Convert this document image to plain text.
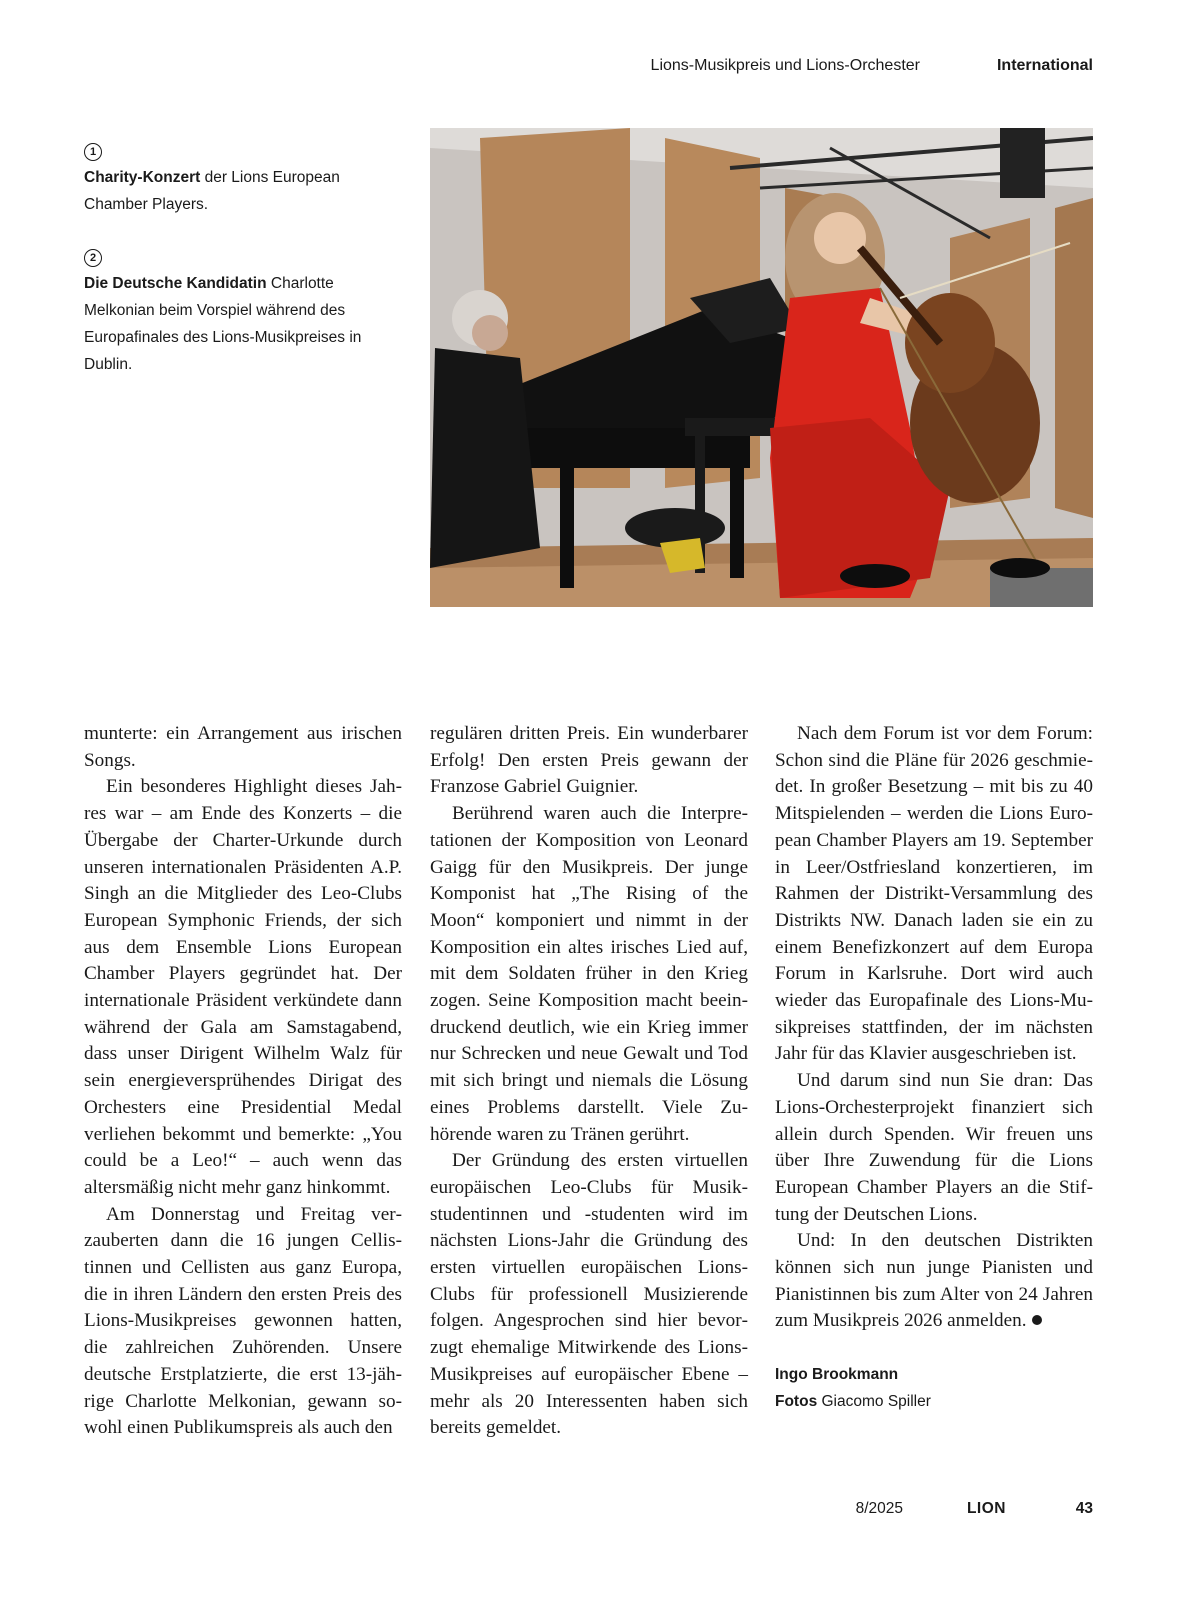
Lions-Musikpreis und Lions-Orchester	International
1
Charity-Konzert der Lions European Chamber Players.
2
Die Deutsche Kandidatin Charlotte Melkonian beim Vorspiel während des Europafinales des Lions-Musikpreises in Dublin.

munterte: ein Arrangement aus irischen Songs.

Ein besonderes Highlight dieses Jahres war – am Ende des Konzerts – die Übergabe der Charter-Urkunde durch unseren internationalen Präsidenten A.P. Singh an die Mitglieder des Leo-Clubs European Symphonic Friends, der sich aus dem Ensemble Lions European Chamber Players gegründet hat. Der internationale Präsident verkündete dann während der Gala am Samstagabend, dass unser Dirigent Wilhelm Walz für sein energieversprühendes Dirigat des Orchesters eine Presidential Medal verliehen bekommt und bemerkte: „You could be a Leo!“ – auch wenn das altersmäßig nicht mehr ganz hinkommt.

Am Donnerstag und Freitag verzauberten dann die 16 jungen Cellistinnen und Cellisten aus ganz Europa, die in ihren Ländern den ersten Preis des Lions-Musikpreises gewonnen hatten, die zahlreichen Zuhörenden. Unsere deutsche Erstplatzierte, die erst 13-jährige Charlotte Melkonian, gewann sowohl einen Publikumspreis als auch den

regulären dritten Preis. Ein wunderbarer Erfolg! Den ersten Preis gewann der Franzose Gabriel Guignier.

Berührend waren auch die Interpretationen der Komposition von Leonard Gaigg für den Musikpreis. Der junge Komponist hat „The Rising of the Moon“ komponiert und nimmt in der Komposition ein altes irisches Lied auf, mit dem Soldaten früher in den Krieg zogen. Seine Komposition macht beeindruckend deutlich, wie ein Krieg immer nur Schrecken und neue Gewalt und Tod mit sich bringt und niemals die Lösung eines Problems darstellt. Viele Zuhörende waren zu Tränen gerührt.

Der Gründung des ersten virtuellen europäischen Leo-Clubs für Musikstudentinnen und -studenten wird im nächsten Lions-Jahr die Gründung des ersten virtuellen europäischen Lions-Clubs für professionell Musizierende folgen. Angesprochen sind hier bevorzugt ehemalige Mitwirkende des Lions-Musikpreises auf europäischer Ebene – mehr als 20 Interessenten haben sich bereits gemeldet.

Nach dem Forum ist vor dem Forum: Schon sind die Pläne für 2026 geschmiedet. In großer Besetzung – mit bis zu 40 Mitspielenden – werden die Lions European Chamber Players am 19. September in Leer/Ostfriesland konzertieren, im Rahmen der Distrikt-Versammlung des Distrikts NW. Danach laden sie ein zu einem Benefizkonzert auf dem Europa Forum in Karlsruhe. Dort wird auch wieder das Europafinale des Lions-Musikpreises stattfinden, der im nächsten Jahr für das Klavier ausgeschrieben ist.

Und darum sind nun Sie dran: Das Lions-Orchesterprojekt finanziert sich allein durch Spenden. Wir freuen uns über Ihre Zuwendung für die Lions European Chamber Players an die Stiftung der Deutschen Lions.

Und: In den deutschen Distrikten können sich nun junge Pianisten und Pianistinnen bis zum Alter von 24 Jahren zum Musikpreis 2026 anmelden.

Ingo Brookmann
Fotos Giacomo Spiller
8/2025	LION	43
